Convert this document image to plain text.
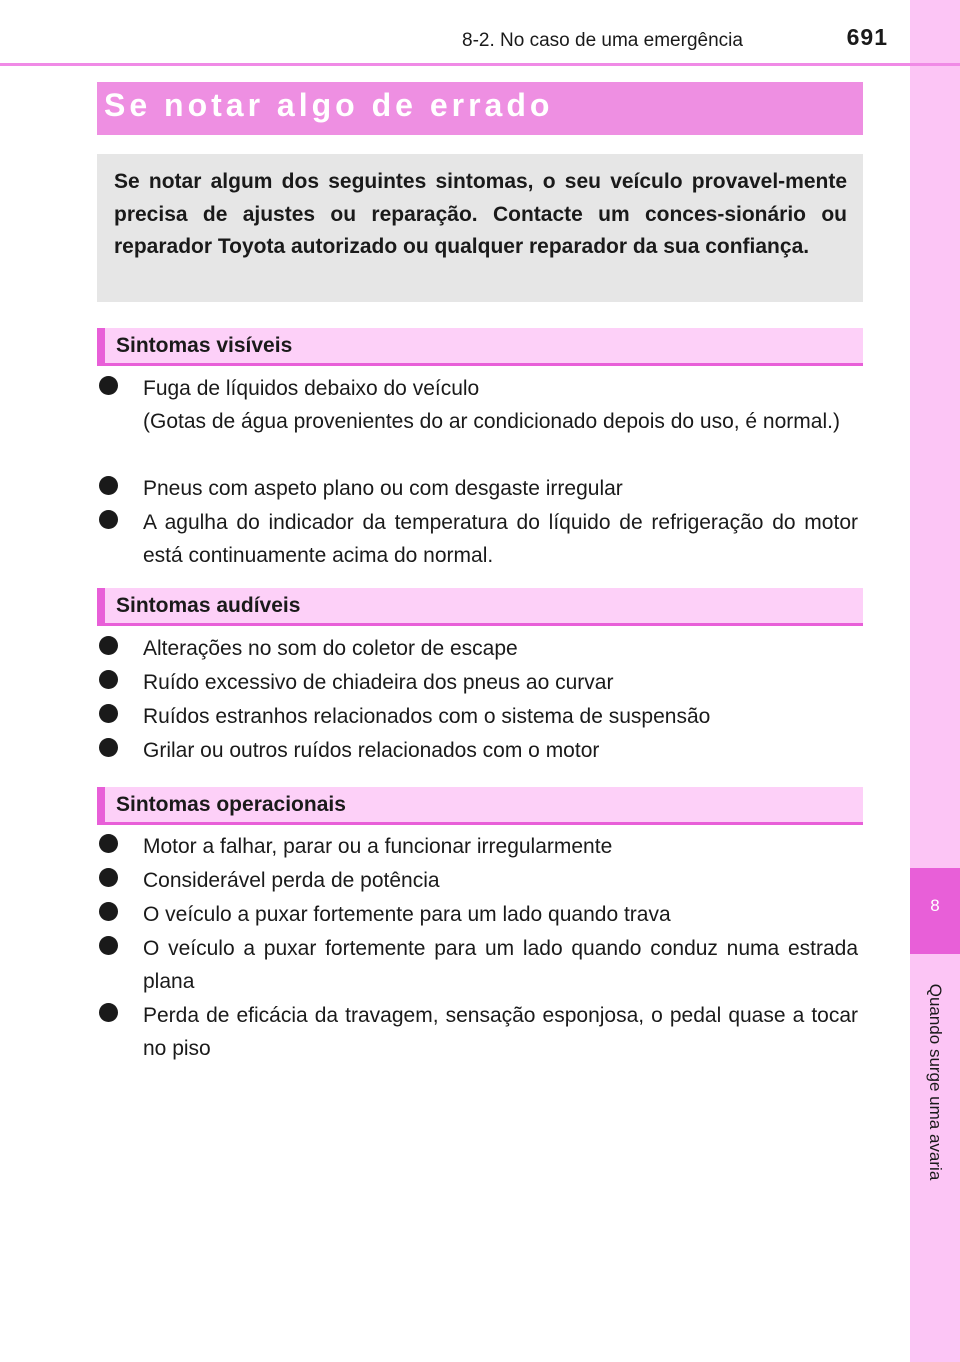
8
Quando surge uma avaria
8-2. No caso de uma emergência	691
Se notar algo de errado
Se notar algum dos seguintes sintomas, o seu veículo provavel-mente precisa de ajustes ou reparação. Contacte um conces-sionário ou reparador Toyota autorizado ou qualquer reparador da sua confiança.
Sintomas visíveis
Fuga de líquidos debaixo do veículo
(Gotas de água provenientes do ar condicionado depois do uso, é normal.)
Pneus com aspeto plano ou com desgaste irregular
A agulha do indicador da temperatura do líquido de refrigeração do motor está continuamente acima do normal.
Sintomas audíveis
Alterações no som do coletor de escape
Ruído excessivo de chiadeira dos pneus ao curvar
Ruídos estranhos relacionados com o sistema de suspensão
Grilar ou outros ruídos relacionados com o motor
Sintomas operacionais
Motor a falhar, parar ou a funcionar irregularmente
Considerável perda de potência
O veículo a puxar fortemente para um lado quando trava
O veículo a puxar fortemente para um lado quando conduz numa estrada plana
Perda de eficácia da travagem, sensação esponjosa, o pedal quase a tocar no piso
